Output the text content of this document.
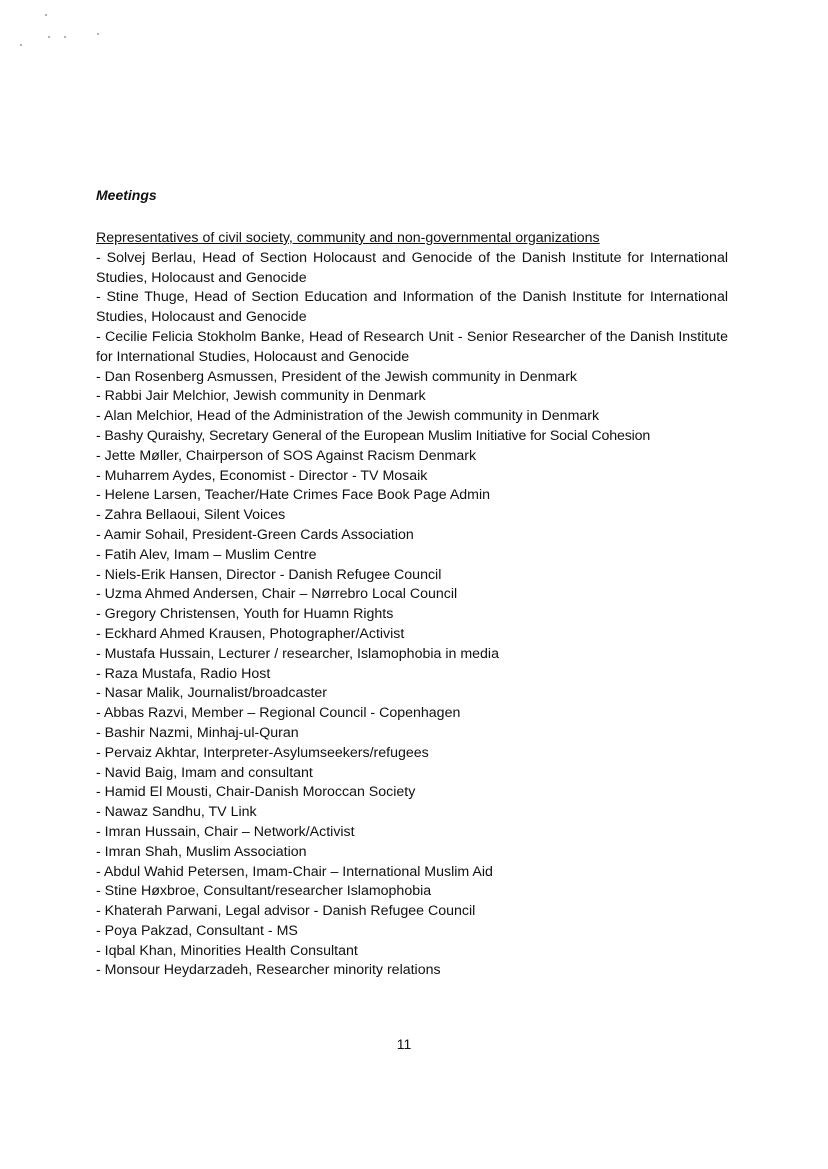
Meetings
Representatives of civil society, community and non-governmental organizations

- Solvej Berlau, Head of Section Holocaust and Genocide of the Danish Institute for International Studies, Holocaust and Genocide

- Stine Thuge, Head of Section Education and Information of the Danish Institute for International Studies, Holocaust and Genocide

- Cecilie Felicia Stokholm Banke, Head of Research Unit - Senior Researcher of the Danish Institute for International Studies, Holocaust and Genocide

- Dan Rosenberg Asmussen, President of the Jewish community in Denmark

- Rabbi Jair Melchior, Jewish community in Denmark

- Alan Melchior, Head of the Administration of the Jewish community in Denmark

- Bashy Quraishy, Secretary General of the European Muslim Initiative for Social Cohesion

- Jette Møller, Chairperson of SOS Against Racism Denmark

- Muharrem Aydes, Economist - Director - TV Mosaik

- Helene Larsen, Teacher/Hate Crimes Face Book Page Admin

- Zahra Bellaoui, Silent Voices

- Aamir Sohail, President-Green Cards Association

- Fatih Alev, Imam – Muslim Centre

- Niels-Erik Hansen, Director - Danish Refugee Council

- Uzma Ahmed Andersen, Chair – Nørrebro Local Council

- Gregory Christensen, Youth for Huamn Rights

- Eckhard Ahmed Krausen, Photographer/Activist

- Mustafa Hussain, Lecturer / researcher, Islamophobia in media

- Raza Mustafa, Radio Host

- Nasar Malik, Journalist/broadcaster

- Abbas Razvi, Member – Regional Council - Copenhagen

- Bashir Nazmi, Minhaj-ul-Quran

- Pervaiz Akhtar, Interpreter-Asylumseekers/refugees

- Navid Baig, Imam and consultant

- Hamid El Mousti, Chair-Danish Moroccan Society

- Nawaz Sandhu, TV Link

- Imran Hussain, Chair – Network/Activist

- Imran Shah, Muslim Association

- Abdul Wahid Petersen, Imam-Chair – International Muslim Aid

- Stine Høxbroe, Consultant/researcher Islamophobia

- Khaterah Parwani, Legal advisor - Danish Refugee Council

- Poya Pakzad, Consultant - MS

- Iqbal Khan, Minorities Health Consultant

- Monsour Heydarzadeh, Researcher minority relations

11
